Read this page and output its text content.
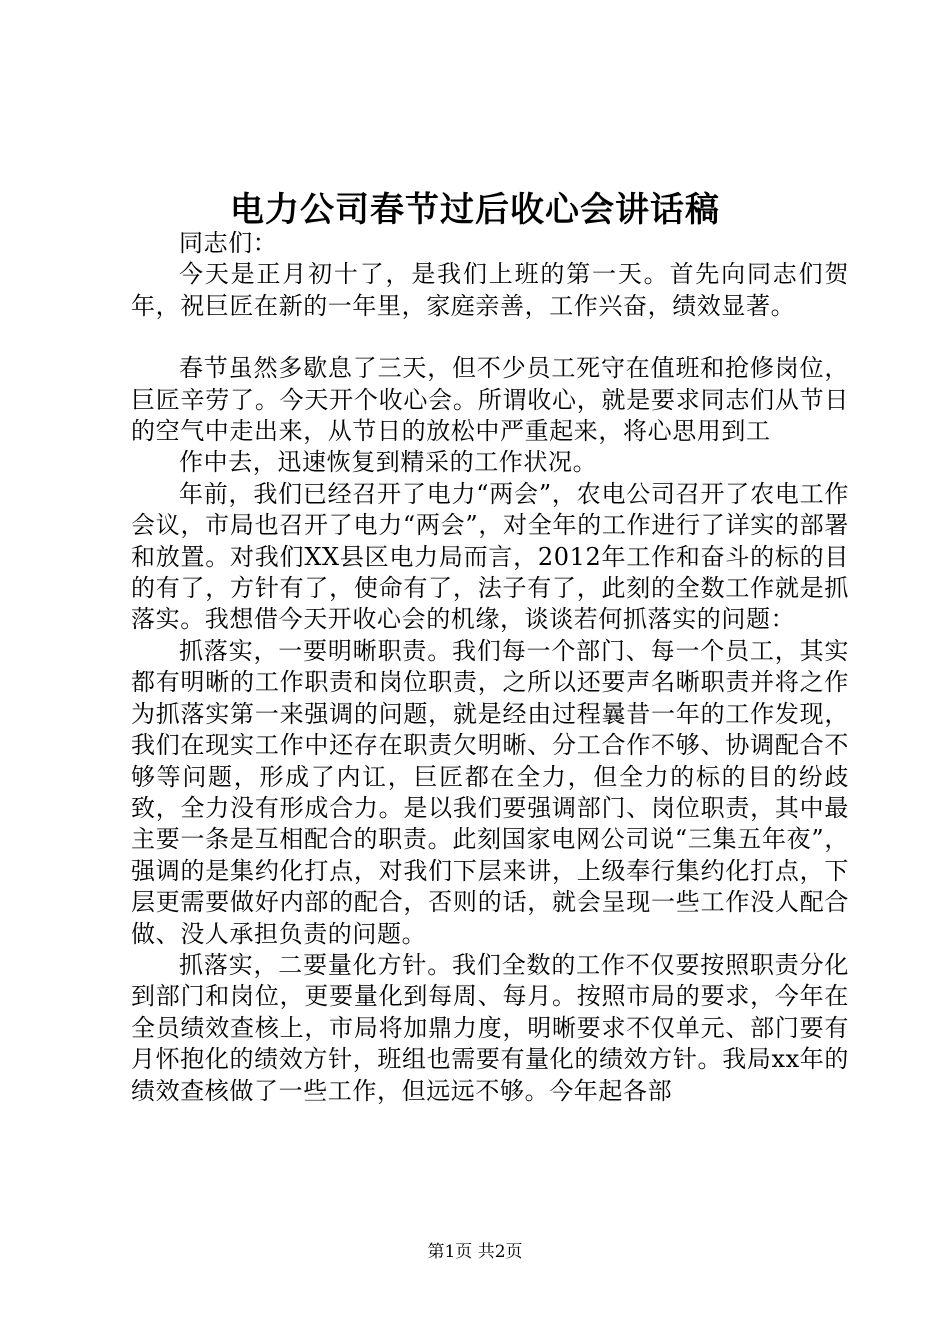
电力公司春节过后收心会讲话稿

同志们：

今天是正月初十了，是我们上班的第一天。首先向同志们贺年，祝巨匠在新的一年里，家庭亲善，工作兴奋，绩效显著。

春节虽然多歇息了三天，但不少员工死守在值班和抢修岗位，巨匠辛劳了。今天开个收心会。所谓收心，就是要求同志们从节日的空气中走出来，从节日的放松中严重起来，将心思用到工

作中去，迅速恢复到精采的工作状况。

年前，我们已经召开了电力“两会”，农电公司召开了农电工作会议，市局也召开了电力“两会”，对全年的工作进行了详实的部署和放置。对我们XX县区电力局而言，2012年工作和奋斗的标的目的有了，方针有了，使命有了，法子有了，此刻的全数工作就是抓落实。我想借今天开收心会的机缘，谈谈若何抓落实的问题：

抓落实，一要明晰职责。我们每一个部门、每一个员工，其实都有明晰的工作职责和岗位职责，之所以还要声名晰职责并将之作为抓落实第一来强调的问题，就是经由过程曩昔一年的工作发现，我们在现实工作中还存在职责欠明晰、分工合作不够、协调配合不够等问题，形成了内讧，巨匠都在全力，但全力的标的目的纷歧致，全力没有形成合力。是以我们要强调部门、岗位职责，其中最主要一条是互相配合的职责。此刻国家电网公司说“三集五年夜”，强调的是集约化打点，对我们下层来讲，上级奉行集约化打点，下层更需要做好内部的配合，否则的话，就会呈现一些工作没人配合做、没人承担负责的问题。

抓落实，二要量化方针。我们全数的工作不仅要按照职责分化到部门和岗位，更要量化到每周、每月。按照市局的要求，今年在全员绩效查核上，市局将加鼎力度，明晰要求不仅单元、部门要有月怀抱化的绩效方针，班组也需要有量化的绩效方针。我局xx年的绩效查核做了一些工作，但远远不够。今年起各部

第1页 共2页
